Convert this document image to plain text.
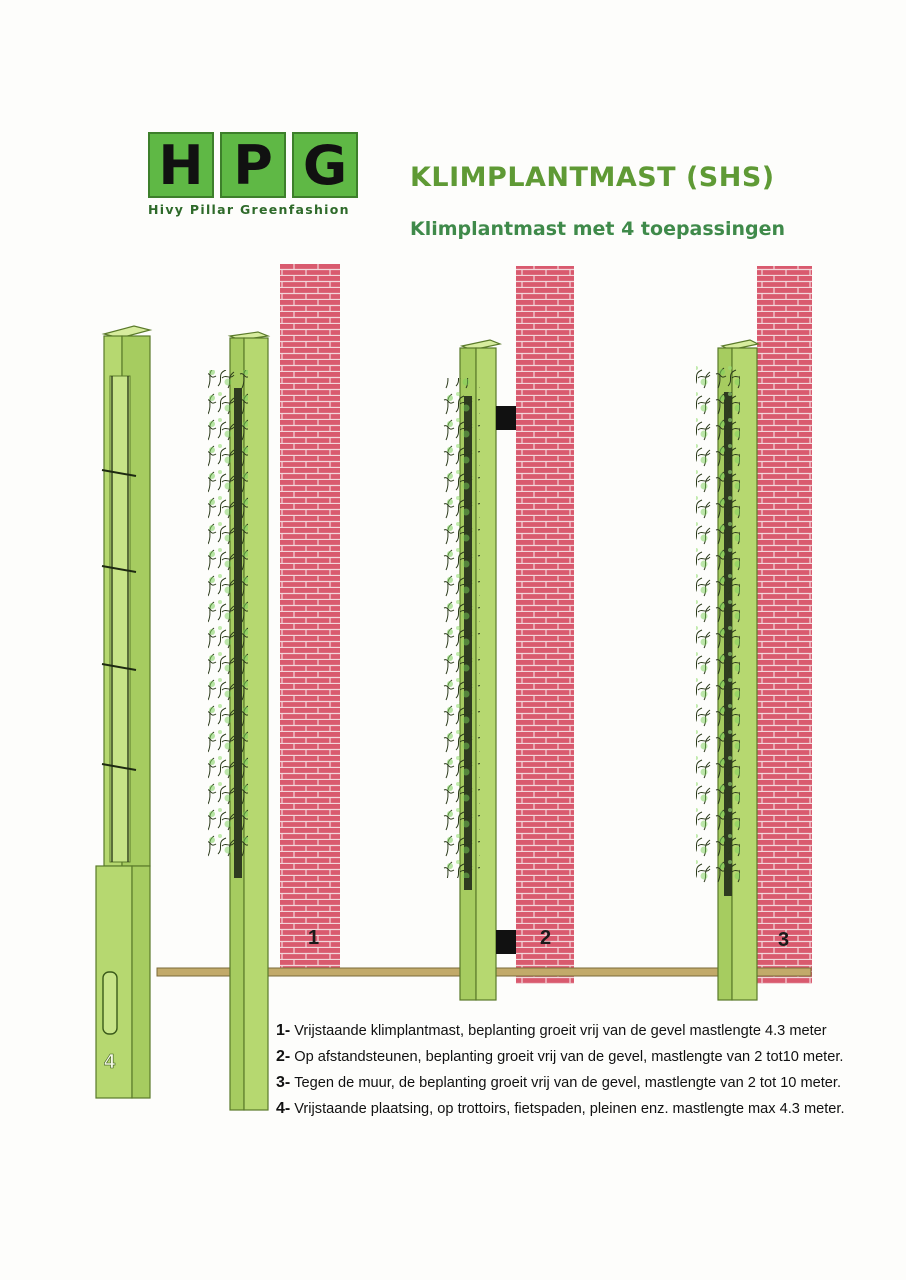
H P G
Hivy Pillar Greenfashion
KLIMPLANTMAST (SHS)
Klimplantmast met 4 toepassingen
1	2	3
4
1- Vrijstaande klimplantmast, beplanting groeit vrij van de gevel mastlengte 4.3 meter
2- Op afstandsteunen, beplanting groeit vrij van de gevel, mastlengte van 2 tot10 meter.
3- Tegen de muur, de beplanting groeit vrij van de gevel, mastlengte van 2 tot 10 meter.
4- Vrijstaande plaatsing, op trottoirs, fietspaden, pleinen enz. mastlengte max 4.3 meter.
